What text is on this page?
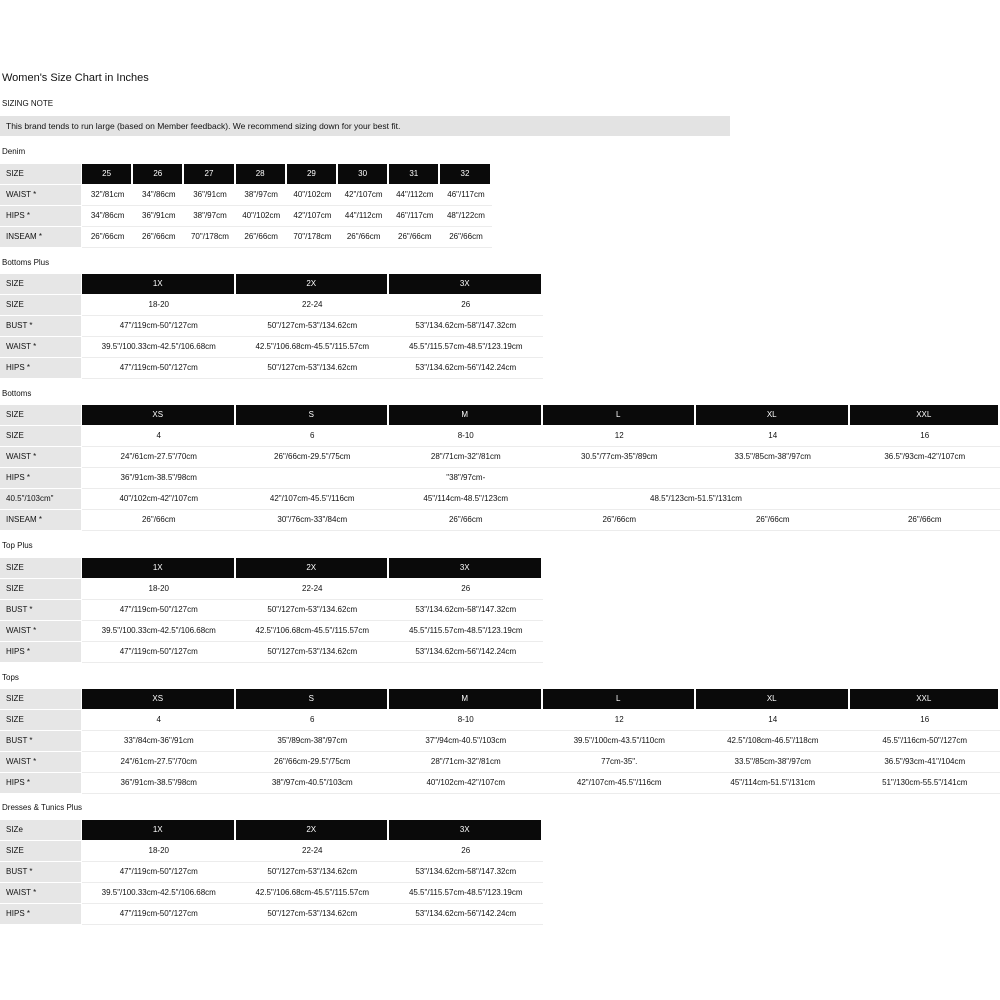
Women's Size Chart in Inches
SIZING NOTE
This brand tends to run large (based on Member feedback). We recommend sizing down for your best fit.
Denim
SIZE	25	26	27	28	29	30	31	32
WAIST *	32"/81cm	34"/86cm	36"/91cm	38"/97cm	40"/102cm	42"/107cm	44"/112cm	46"/117cm
HIPS *	34"/86cm	36"/91cm	38"/97cm	40"/102cm	42"/107cm	44"/112cm	46"/117cm	48"/122cm
INSEAM *	26"/66cm	26"/66cm	70"/178cm	26"/66cm	70"/178cm	26"/66cm	26"/66cm	26"/66cm
Bottoms Plus
SIZE	1X	2X	3X
SIZE	18-20	22-24	26
BUST *	47"/119cm-50"/127cm	50"/127cm-53"/134.62cm	53"/134.62cm-58"/147.32cm
WAIST *	39.5"/100.33cm-42.5"/106.68cm	42.5"/106.68cm-45.5"/115.57cm	45.5"/115.57cm-48.5"/123.19cm
HIPS *	47"/119cm-50"/127cm	50"/127cm-53"/134.62cm	53"/134.62cm-56"/142.24cm
Bottoms
SIZE	XS	S	M	L	XL	XXL
SIZE	4	6	8-10	12	14	16
WAIST *	24"/61cm-27.5"/70cm	26"/66cm-29.5"/75cm	28"/71cm-32"/81cm	30.5"/77cm-35"/89cm	33.5"/85cm-38"/97cm	36.5"/93cm-42"/107cm
HIPS *	36"/91cm-38.5"/98cm	"38"/97cm-
40.5"/103cm"	40"/102cm-42"/107cm	42"/107cm-45.5"/116cm	45"/114cm-48.5"/123cm	48.5"/123cm-51.5"/131cm
INSEAM *	26"/66cm	30"/76cm-33"/84cm	26"/66cm	26"/66cm	26"/66cm	26"/66cm
Top Plus
SIZE	1X	2X	3X
SIZE	18-20	22-24	26
BUST *	47"/119cm-50"/127cm	50"/127cm-53"/134.62cm	53"/134.62cm-58"/147.32cm
WAIST *	39.5"/100.33cm-42.5"/106.68cm	42.5"/106.68cm-45.5"/115.57cm	45.5"/115.57cm-48.5"/123.19cm
HIPS *	47"/119cm-50"/127cm	50"/127cm-53"/134.62cm	53"/134.62cm-56"/142.24cm
Tops
SIZE	XS	S	M	L	XL	XXL
SIZE	4	6	8-10	12	14	16
BUST *	33"/84cm-36"/91cm	35"/89cm-38"/97cm	37"/94cm-40.5"/103cm	39.5"/100cm-43.5"/110cm	42.5"/108cm-46.5"/118cm	45.5"/116cm-50"/127cm
WAIST *	24"/61cm-27.5"/70cm	26"/66cm-29.5"/75cm	28"/71cm-32"/81cm	77cm-35".	33.5"/85cm-38"/97cm	36.5"/93cm-41"/104cm
HIPS *	36"/91cm-38.5"/98cm	38"/97cm-40.5"/103cm	40"/102cm-42"/107cm	42"/107cm-45.5"/116cm	45"/114cm-51.5"/131cm	51"/130cm-55.5"/141cm
Dresses & Tunics Plus
SIZe	1X	2X	3X
SIZE	18-20	22-24	26
BUST *	47"/119cm-50"/127cm	50"/127cm-53"/134.62cm	53"/134.62cm-58"/147.32cm
WAIST *	39.5"/100.33cm-42.5"/106.68cm	42.5"/106.68cm-45.5"/115.57cm	45.5"/115.57cm-48.5"/123.19cm
HIPS *	47"/119cm-50"/127cm	50"/127cm-53"/134.62cm	53"/134.62cm-56"/142.24cm
